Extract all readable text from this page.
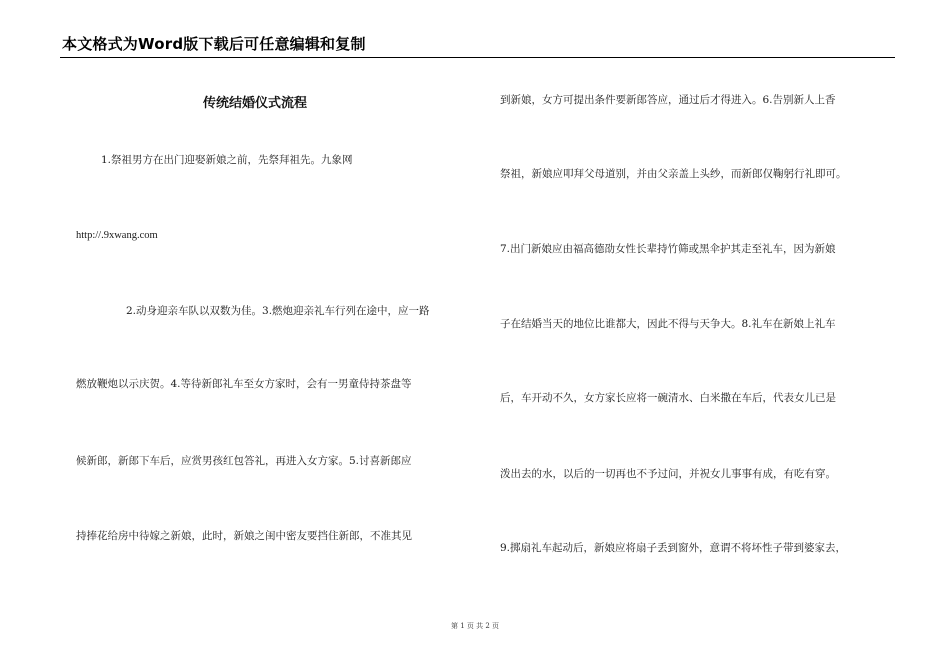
本文格式为Word版下载后可任意编辑和复制
传统结婚仪式流程
1.祭祖男方在出门迎娶新娘之前，先祭拜祖先。九象网
http://.9xwang.com
2.动身迎亲车队以双数为佳。3.燃炮迎亲礼车行列在途中，应一路
燃放鞭炮以示庆贺。4.等待新郎礼车至女方家时，会有一男童侍持茶盘等
候新郎，新郎下车后，应赏男孩红包答礼，再进入女方家。5.讨喜新郎应
持捧花给房中待嫁之新娘，此时，新娘之闺中密友要挡住新郎，不准其见
到新娘，女方可提出条件要新郎答应，通过后才得进入。6.告别新人上香
祭祖，新娘应叩拜父母道别，并由父亲盖上头纱，而新郎仅鞠躬行礼即可。
7.出门新娘应由福高德劭女性长辈持竹筛或黑伞护其走至礼车，因为新娘
子在结婚当天的地位比谁都大，因此不得与天争大。8.礼车在新娘上礼车
后，车开动不久，女方家长应将一碗清水、白米撒在车后，代表女儿已是
泼出去的水，以后的一切再也不予过问，并祝女儿事事有成，有吃有穿。
9.掷扇礼车起动后，新娘应将扇子丢到窗外，意谓不将坏性子带到婆家去，
第 1 页 共 2 页
